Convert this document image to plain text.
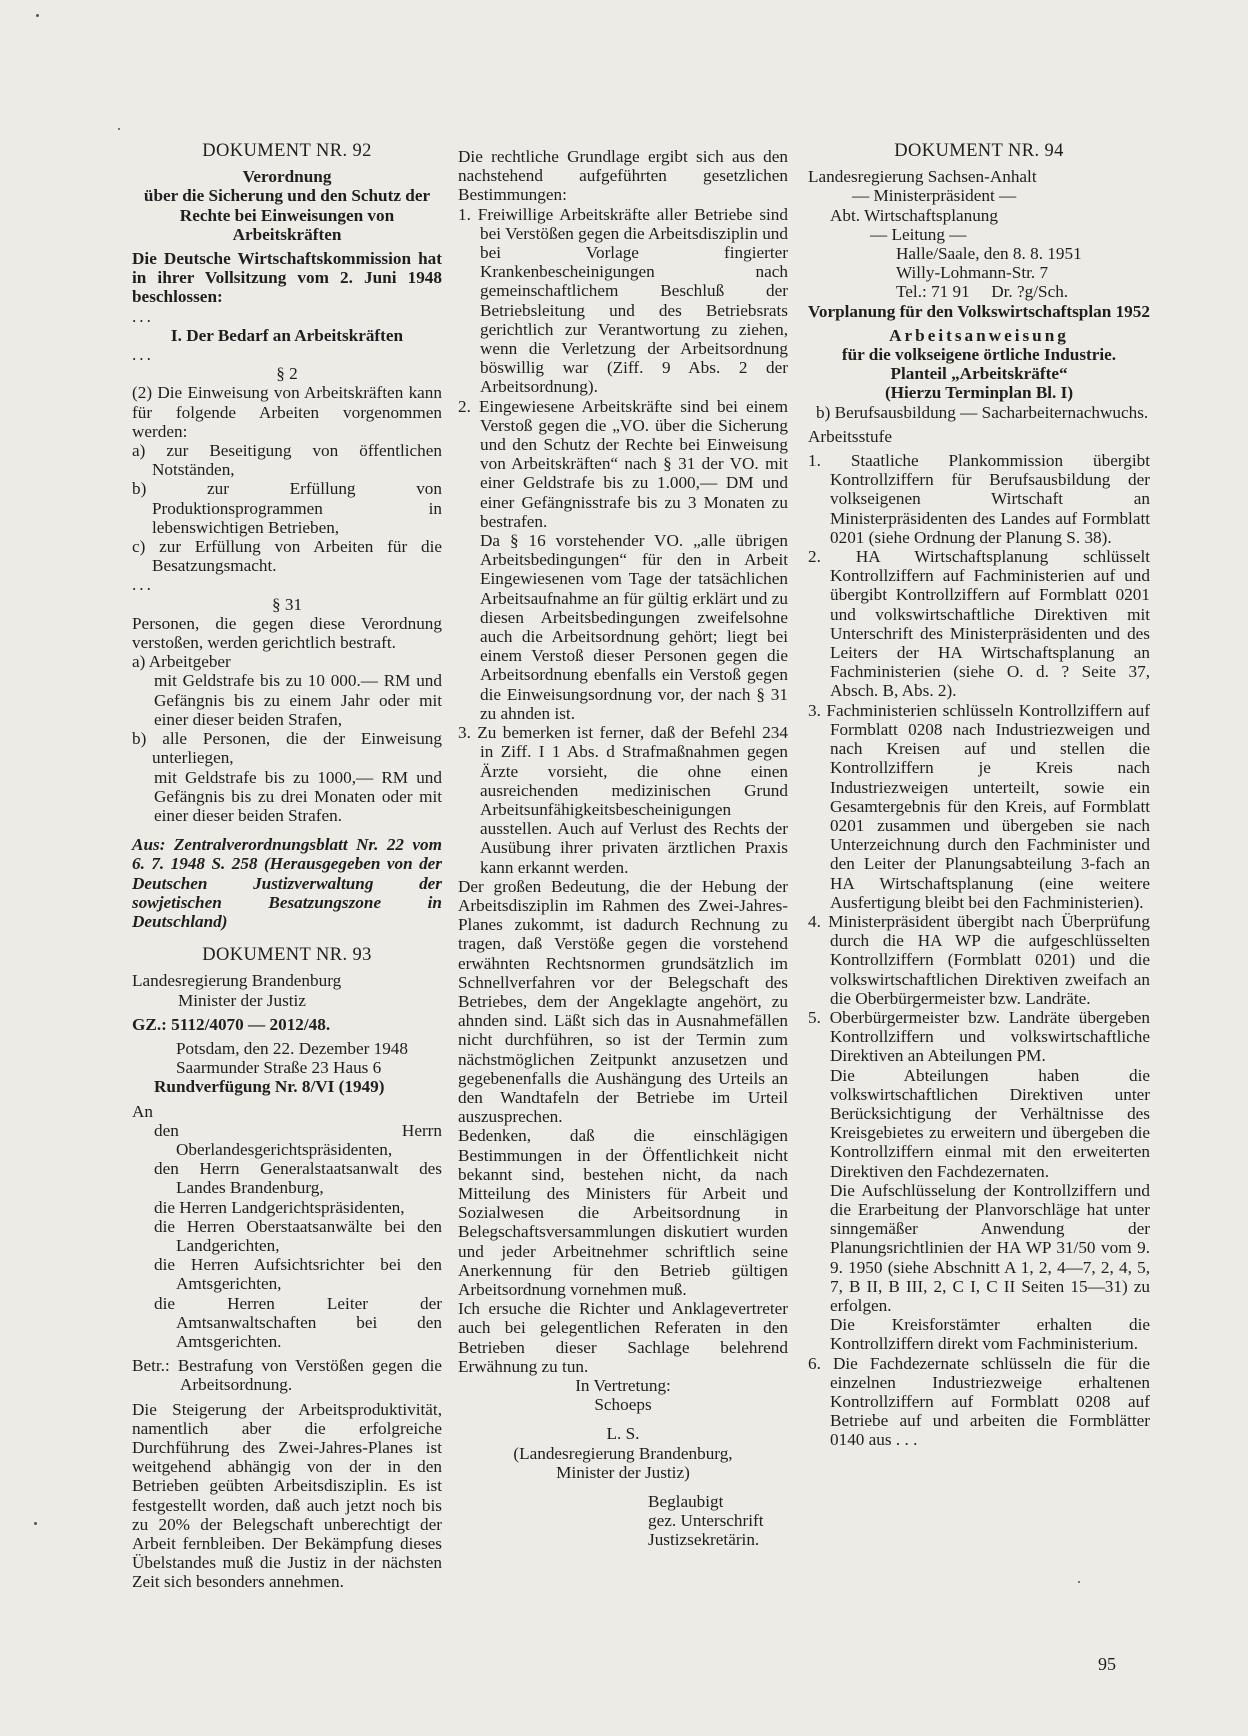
DOKUMENT NR. 92

Verordnung
über die Sicherung und den Schutz der Rechte bei Einweisungen von Arbeitskräften

Die Deutsche Wirtschaftskommission hat in ihrer Vollsitzung vom 2. Juni 1948 beschlossen:

...

I. Der Bedarf an Arbeitskräften

...

§ 2

(2) Die Einweisung von Arbeitskräften kann für folgende Arbeiten vorgenommen werden:

a) zur Beseitigung von öffentlichen Notständen,

b) zur Erfüllung von Produktionsprogrammen in lebenswichtigen Betrieben,

c) zur Erfüllung von Arbeiten für die Besatzungsmacht.

...

§ 31

Personen, die gegen diese Verordnung verstoßen, werden gerichtlich bestraft.

a) Arbeitgeber

mit Geldstrafe bis zu 10 000.— RM und Gefängnis bis zu einem Jahr oder mit einer dieser beiden Strafen,

b) alle Personen, die der Einweisung unterliegen,

mit Geldstrafe bis zu 1000,— RM und Gefängnis bis zu drei Monaten oder mit einer dieser beiden Strafen.

Aus: Zentralverordnungsblatt Nr. 22 vom 6. 7. 1948 S. 258 (Herausgegeben von der Deutschen Justizverwaltung der sowjetischen Besatzungszone in Deutschland)

DOKUMENT NR. 93

Landesregierung Brandenburg

Minister der Justiz

GZ.: 5112/4070 — 2012/48.

Potsdam, den 22. Dezember 1948

Saarmunder Straße 23 Haus 6

Rundverfügung Nr. 8/VI (1949)

An

den Herrn Oberlandesgerichtspräsidenten,

den Herrn Generalstaatsanwalt des Landes Brandenburg,

die Herren Landgerichtspräsidenten,

die Herren Oberstaatsanwälte bei den Landgerichten,

die Herren Aufsichtsrichter bei den Amtsgerichten,

die Herren Leiter der Amtsanwaltschaften bei den Amtsgerichten.

Betr.: Bestrafung von Verstößen gegen die Arbeitsordnung.

Die Steigerung der Arbeitsproduktivität, namentlich aber die erfolgreiche Durchführung des Zwei-Jahres-Planes ist weitgehend abhängig von der in den Betrieben geübten Arbeitsdisziplin. Es ist festgestellt worden, daß auch jetzt noch bis zu 20% der Belegschaft unberechtigt der Arbeit fernbleiben. Der Bekämpfung dieses Übelstandes muß die Justiz in der nächsten Zeit sich besonders annehmen.

Die rechtliche Grundlage ergibt sich aus den nachstehend aufgeführten gesetzlichen Bestimmungen:

1. Freiwillige Arbeitskräfte aller Betriebe sind bei Verstößen gegen die Arbeitsdisziplin und bei Vorlage fingierter Krankenbescheinigungen nach gemeinschaftlichem Beschluß der Betriebsleitung und des Betriebsrats gerichtlich zur Verantwortung zu ziehen, wenn die Verletzung der Arbeitsordnung böswillig war (Ziff. 9 Abs. 2 der Arbeitsordnung).

2. Eingewiesene Arbeitskräfte sind bei einem Verstoß gegen die „VO. über die Sicherung und den Schutz der Rechte bei Einweisung von Arbeitskräften“ nach § 31 der VO. mit einer Geldstrafe bis zu 1.000,— DM und einer Gefängnisstrafe bis zu 3 Monaten zu bestrafen.

Da § 16 vorstehender VO. „alle übrigen Arbeitsbedingungen“ für den in Arbeit Eingewiesenen vom Tage der tatsächlichen Arbeitsaufnahme an für gültig erklärt und zu diesen Arbeitsbedingungen zweifelsohne auch die Arbeitsordnung gehört; liegt bei einem Verstoß dieser Personen gegen die Arbeitsordnung ebenfalls ein Verstoß gegen die Einweisungsordnung vor, der nach § 31 zu ahnden ist.

3. Zu bemerken ist ferner, daß der Befehl 234 in Ziff. I 1 Abs. d Strafmaßnahmen gegen Ärzte vorsieht, die ohne einen ausreichenden medizinischen Grund Arbeitsunfähigkeitsbescheinigungen ausstellen. Auch auf Verlust des Rechts der Ausübung ihrer privaten ärztlichen Praxis kann erkannt werden.

Der großen Bedeutung, die der Hebung der Arbeitsdisziplin im Rahmen des Zwei-Jahres-Planes zukommt, ist dadurch Rechnung zu tragen, daß Verstöße gegen die vorstehend erwähnten Rechtsnormen grundsätzlich im Schnellverfahren vor der Belegschaft des Betriebes, dem der Angeklagte angehört, zu ahnden sind. Läßt sich das in Ausnahmefällen nicht durchführen, so ist der Termin zum nächstmöglichen Zeitpunkt anzusetzen und gegebenenfalls die Aushängung des Urteils an den Wandtafeln der Betriebe im Urteil auszusprechen.

Bedenken, daß die einschlägigen Bestimmungen in der Öffentlichkeit nicht bekannt sind, bestehen nicht, da nach Mitteilung des Ministers für Arbeit und Sozialwesen die Arbeitsordnung in Belegschaftsversammlungen diskutiert wurden und jeder Arbeitnehmer schriftlich seine Anerkennung für den Betrieb gültigen Arbeitsordnung vornehmen muß.

Ich ersuche die Richter und Anklagevertreter auch bei gelegentlichen Referaten in den Betrieben dieser Sachlage belehrend Erwähnung zu tun.

In Vertretung:

Schoeps

L. S.

(Landesregierung Brandenburg,

Minister der Justiz)

Beglaubigt

gez. Unterschrift

Justizsekretärin.

DOKUMENT NR. 94

Landesregierung Sachsen-Anhalt

— Ministerpräsident —

Abt. Wirtschaftsplanung

— Leitung —

Halle/Saale, den 8. 8. 1951

Willy-Lohmann-Str. 7

Tel.: 71 91     Dr. ?g/Sch.

Vorplanung für den Volkswirtschaftsplan 1952

Arbeitsanweisung

für die volkseigene örtliche Industrie.

Planteil „Arbeitskräfte“

(Hierzu Terminplan Bl. I)

b) Berufsausbildung — Sacharbeiternachwuchs.

Arbeitsstufe

1. Staatliche Plankommission übergibt Kontrollziffern für Berufsausbildung der volkseigenen Wirtschaft an Ministerpräsidenten des Landes auf Formblatt 0201 (siehe Ordnung der Planung S. 38).

2. HA Wirtschaftsplanung schlüsselt Kontrollziffern auf Fachministerien auf und übergibt Kontrollziffern auf Formblatt 0201 und volkswirtschaftliche Direktiven mit Unterschrift des Ministerpräsidenten und des Leiters der HA Wirtschaftsplanung an Fachministerien (siehe O. d. ? Seite 37, Absch. B, Abs. 2).

3. Fachministerien schlüsseln Kontrollziffern auf Formblatt 0208 nach Industriezweigen und nach Kreisen auf und stellen die Kontrollziffern je Kreis nach Industriezweigen unterteilt, sowie ein Gesamtergebnis für den Kreis, auf Formblatt 0201 zusammen und übergeben sie nach Unterzeichnung durch den Fachminister und den Leiter der Planungsabteilung 3-fach an HA Wirtschaftsplanung (eine weitere Ausfertigung bleibt bei den Fachministerien).

4. Ministerpräsident übergibt nach Überprüfung durch die HA WP die aufgeschlüsselten Kontrollziffern (Formblatt 0201) und die volkswirtschaftlichen Direktiven zweifach an die Oberbürgermeister bzw. Landräte.

5. Oberbürgermeister bzw. Landräte übergeben Kontrollziffern und volkswirtschaftliche Direktiven an Abteilungen PM.

Die Abteilungen haben die volkswirtschaftlichen Direktiven unter Berücksichtigung der Verhältnisse des Kreisgebietes zu erweitern und übergeben die Kontrollziffern einmal mit den erweiterten Direktiven den Fachdezernaten.

Die Aufschlüsselung der Kontrollziffern und die Erarbeitung der Planvorschläge hat unter sinngemäßer Anwendung der Planungsrichtlinien der HA WP 31/50 vom 9. 9. 1950 (siehe Abschnitt A 1, 2, 4—7, 2, 4, 5, 7, B II, B III, 2, C I, C II Seiten 15—31) zu erfolgen.

Die Kreisforstämter erhalten die Kontrollziffern direkt vom Fachministerium.

6. Die Fachdezernate schlüsseln die für die einzelnen Industriezweige erhaltenen Kontrollziffern auf Formblatt 0208 auf Betriebe auf und arbeiten die Formblätter 0140 aus . . .

95
